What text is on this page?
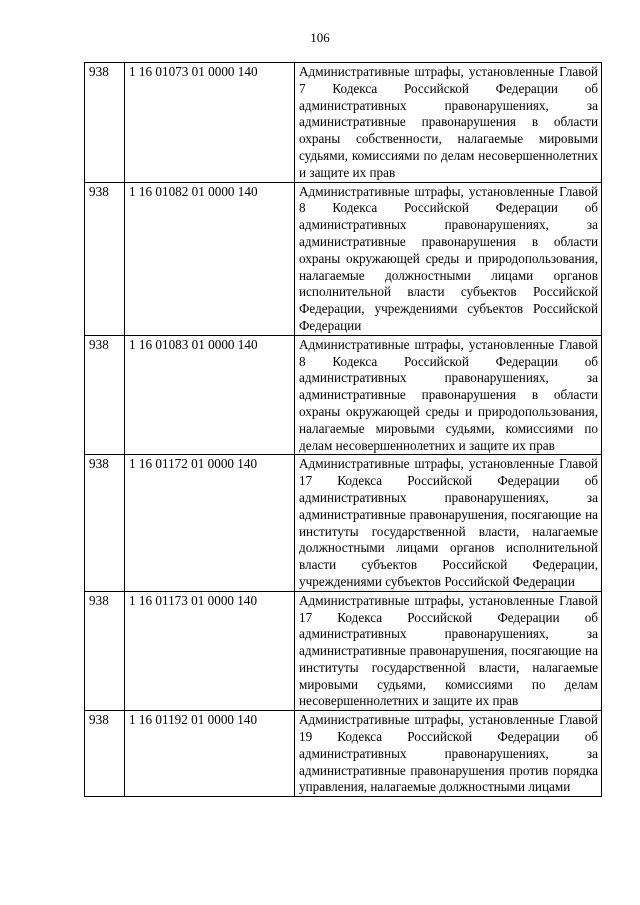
106
938	1 16 01073 01 0000 140	Административные штрафы, установленные Главой 7 Кодекса Российской Федерации об административных правонарушениях, за административные правонарушения в области охраны собственности, налагаемые мировыми судьями, комиссиями по делам несовершеннолетних и защите их прав
938	1 16 01082 01 0000 140	Административные штрафы, установленные Главой 8 Кодекса Российской Федерации об административных правонарушениях, за административные правонарушения в области охраны окружающей среды и природопользования, налагаемые должностными лицами органов исполнительной власти субъектов Российской Федерации, учреждениями субъектов Российской Федерации
938	1 16 01083 01 0000 140	Административные штрафы, установленные Главой 8 Кодекса Российской Федерации об административных правонарушениях, за административные правонарушения в области охраны окружающей среды и природопользования, налагаемые мировыми судьями, комиссиями по делам несовершеннолетних и защите их прав
938	1 16 01172 01 0000 140	Административные штрафы, установленные Главой 17 Кодекса Российской Федерации об административных правонарушениях, за административные правонарушения, посягающие на институты государственной власти, налагаемые должностными лицами органов исполнительной власти субъектов Российской Федерации, учреждениями субъектов Российской Федерации
938	1 16 01173 01 0000 140	Административные штрафы, установленные Главой 17 Кодекса Российской Федерации об административных правонарушениях, за административные правонарушения, посягающие на институты государственной власти, налагаемые мировыми судьями, комиссиями по делам несовершеннолетних и защите их прав
938	1 16 01192 01 0000 140	Административные штрафы, установленные Главой 19 Кодекса Российской Федерации об административных правонарушениях, за административные правонарушения против порядка управления, налагаемые должностными лицами
